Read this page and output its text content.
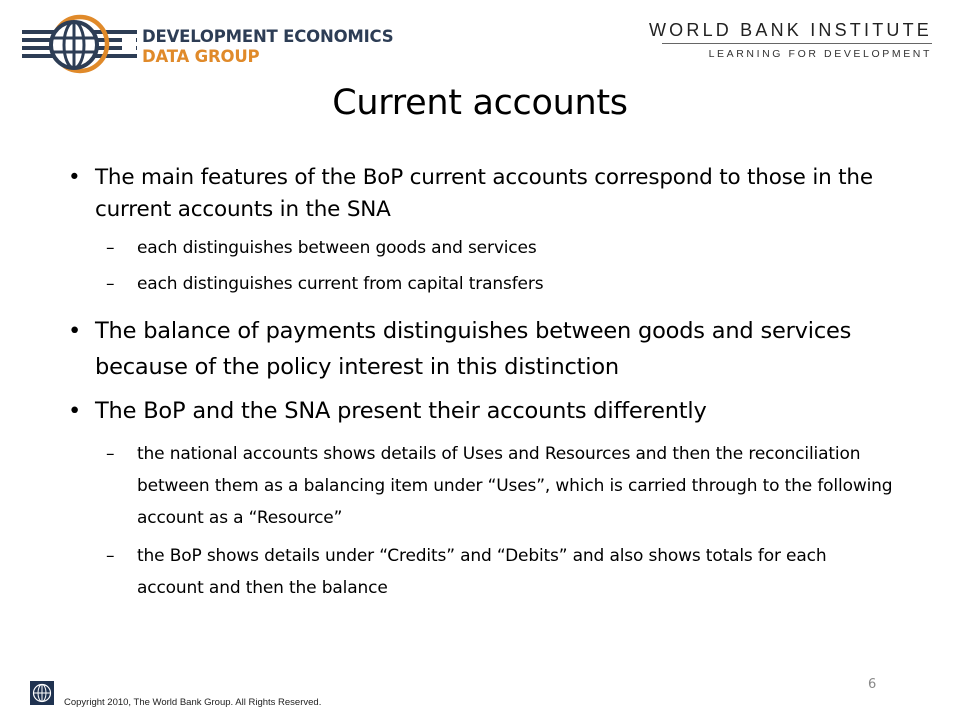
DEVELOPMENT ECONOMICS
DATA GROUP
WORLD BANK INSTITUTE
LEARNING FOR DEVELOPMENT
Current accounts
• The main features of the BoP current accounts correspond to those in the current accounts in the SNA
– each distinguishes between goods and services
– each distinguishes current from capital transfers
• The balance of payments distinguishes between goods and services because of the policy interest in this distinction
• The BoP and the SNA present their accounts differently
– the national accounts shows details of Uses and Resources and then the reconciliation between them as a balancing item under “Uses”, which is carried through to the following account as a “Resource”
– the BoP shows details under “Credits” and “Debits” and also shows totals for each account and then the balance
Copyright 2010, The World Bank Group. All Rights Reserved.
6
